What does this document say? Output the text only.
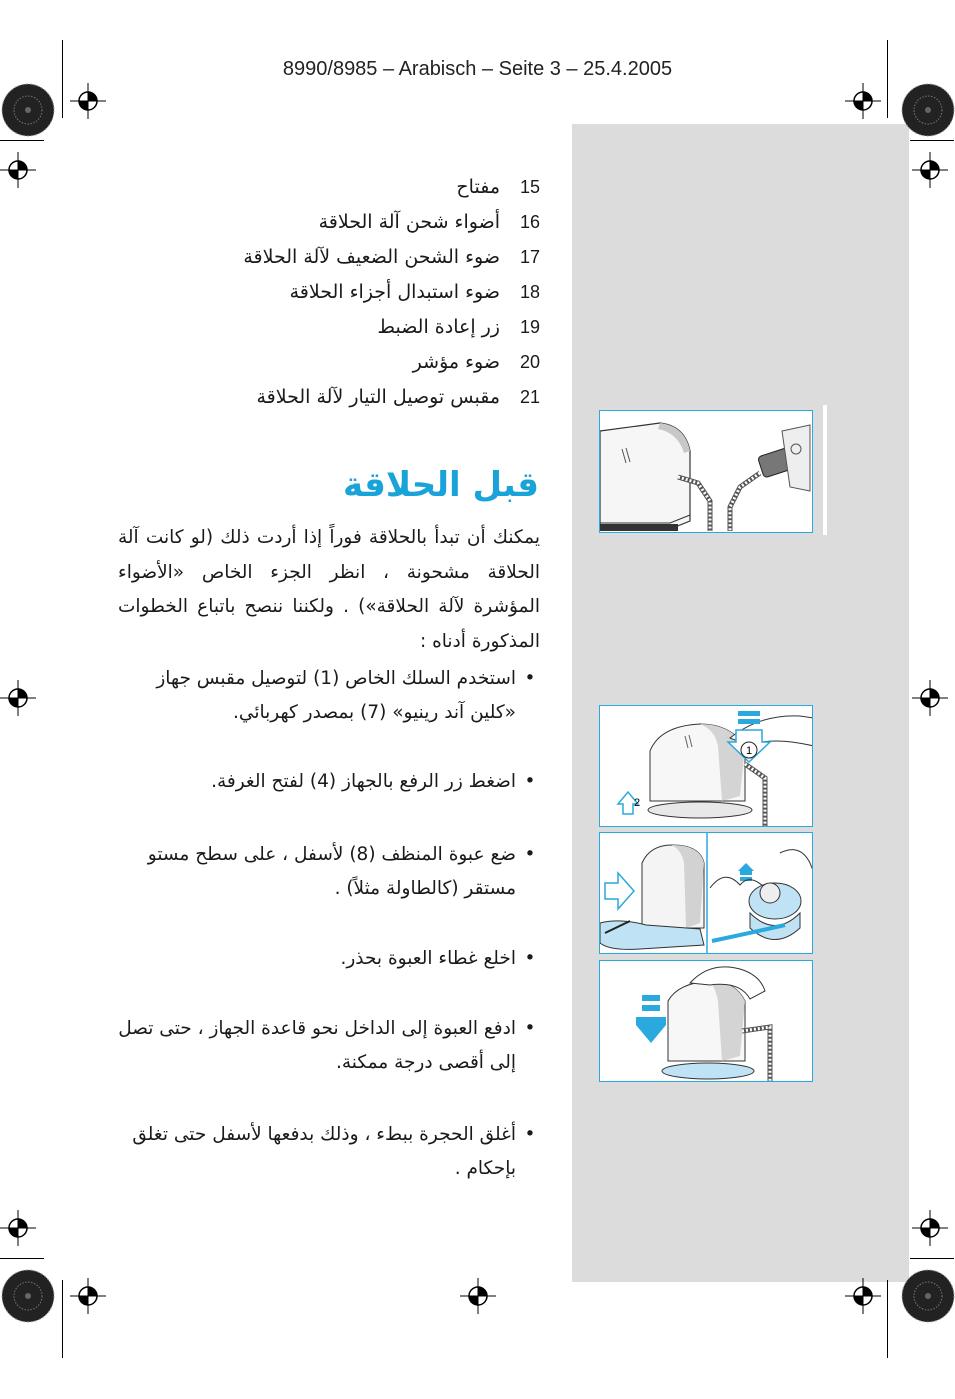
8990/8985 – Arabisch – Seite 3 – 25.4.2005
15مفتاح
16أضواء شحن آلة الحلاقة
17ضوء الشحن الضعيف لآلة الحلاقة
18ضوء استبدال أجزاء الحلاقة
19زر إعادة الضبط
20ضوء مؤشر
21مقبس توصيل التيار لآلة الحلاقة
قبل الحلاقة
يمكنك أن تبدأ بالحلاقة فوراً إذا أردت ذلك (لو كانت آلة الحلاقة مشحونة ، انظر الجزء الخاص «الأضواء المؤشرة لآلة الحلاقة») . ولكننا ننصح باتباع الخطوات المذكورة أدناه :
•
استخدم السلك الخاص (1) لتوصيل مقبس جهاز «كلين آند رينيو» (7) بمصدر كهربائي.
•
اضغط زر الرفع بالجهاز (4) لفتح الغرفة.
•
ضع عبوة المنظف (8) لأسفل ، على سطح مستو مستقر (كالطاولة مثلاً) .
•
اخلع غطاء العبوة بحذر.
•
ادفع العبوة إلى الداخل نحو قاعدة الجهاز ، حتى تصل إلى أقصى درجة ممكنة.
•
أغلق الحجرة ببطء ، وذلك بدفعها لأسفل حتى تغلق بإحكام .
1
2
